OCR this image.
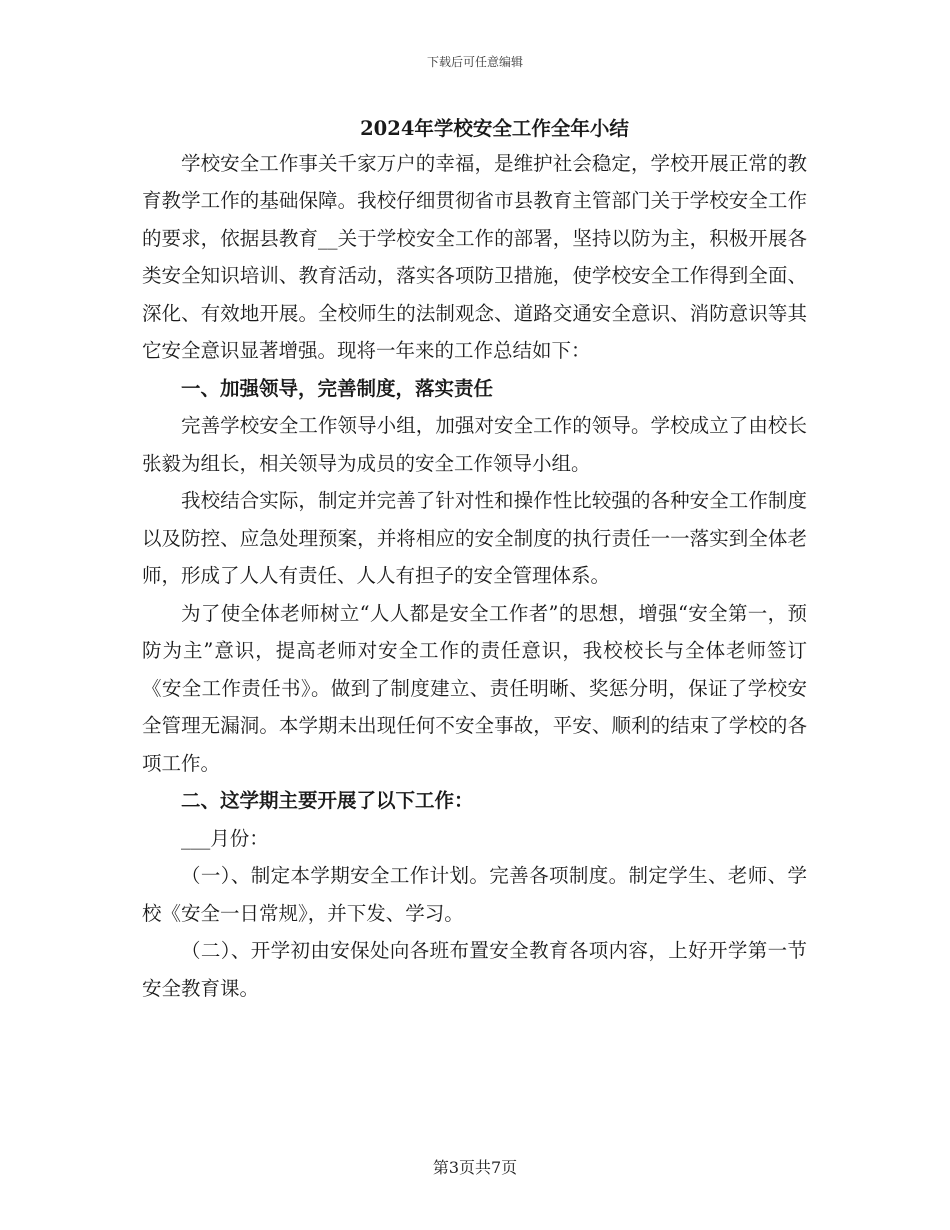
下载后可任意编辑
2024年学校安全工作全年小结

学校安全工作事关千家万户的幸福，是维护社会稳定，学校开展正常的教育教学工作的基础保障。我校仔细贯彻省市县教育主管部门关于学校安全工作的要求，依据县教育__关于学校安全工作的部署，坚持以防为主，积极开展各类安全知识培训、教育活动，落实各项防卫措施，使学校安全工作得到全面、深化、有效地开展。全校师生的法制观念、道路交通安全意识、消防意识等其它安全意识显著增强。现将一年来的工作总结如下：

一、加强领导，完善制度，落实责任

完善学校安全工作领导小组，加强对安全工作的领导。学校成立了由校长张毅为组长，相关领导为成员的安全工作领导小组。

我校结合实际，制定并完善了针对性和操作性比较强的各种安全工作制度以及防控、应急处理预案，并将相应的安全制度的执行责任一一落实到全体老师，形成了人人有责任、人人有担子的安全管理体系。

为了使全体老师树立“人人都是安全工作者”的思想，增强“安全第一，预防为主”意识，提高老师对安全工作的责任意识，我校校长与全体老师签订《安全工作责任书》。做到了制度建立、责任明晰、奖惩分明，保证了学校安全管理无漏洞。本学期未出现任何不安全事故，平安、顺利的结束了学校的各项工作。

二、这学期主要开展了以下工作：

___月份：

（一）、制定本学期安全工作计划。完善各项制度。制定学生、老师、学校《安全一日常规》，并下发、学习。

（二）、开学初由安保处向各班布置安全教育各项内容，上好开学第一节安全教育课。

第3页共7页
